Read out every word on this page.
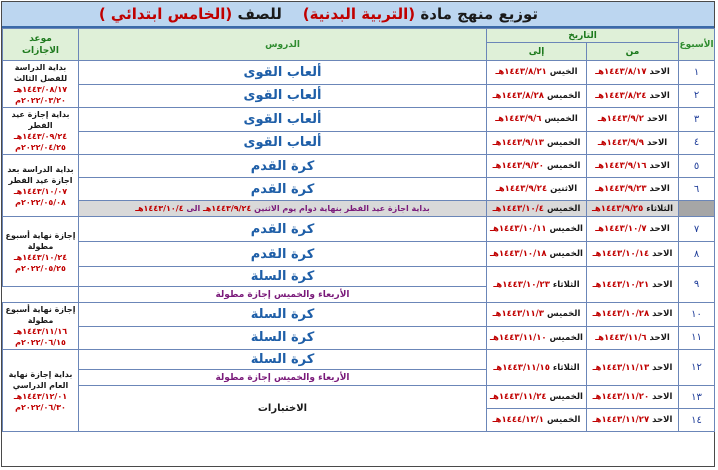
توزيع منهج مادة (التربية البدنية)    للصف (الخامس ابتدائي )
الأسبوع	التاريخ		الدروس	موعد
الاجازات

	من	إلى		
١	الاحد ١٤٤٣/٨/١٧هـ	الخيس ١٤٤٣/٨/٢١هـ	ألعاب القوى	بداية الدراسة للفصل الثالث
١٤٤٣/٠٨/١٧هـ
٢٠٢٢/٠٣/٢٠م

٢	الاحد ١٤٤٣/٨/٢٤هـ	الخميس ١٤٤٣/٨/٢٨هـ	ألعاب القوى	
٣	الاحد ١٤٤٣/٩/٢هـ	الخميس ١٤٤٣/٩/٦هـ	ألعاب القوى	بداية إجازة عيد الفطر
١٤٤٣/٠٩/٢٤هـ
٢٠٢٢/٠٤/٢٥م

٤	الاحد ١٤٤٣/٩/٩هـ	الخميس ١٤٤٣/٩/١٣هـ	ألعاب القوى	
٥	الاحد ١٤٤٣/٩/١٦هـ	الخميس ١٤٤٣/٩/٢٠هـ	كرة القدم	بداية الدراسة بعد اجازة عيد الفطر
١٤٤٣/١٠/٠٧هـ
٢٠٢٢/٠٥/٠٨م

٦	الاحد ١٤٤٣/٩/٢٣هـ	الاثنين ١٤٤٣/٩/٢٤هـ	كرة القدم	
	الثلاثاء ١٤٤٣/٩/٢٥هـ	الخميس ١٤٤٣/١٠/٤هـ	بداية اجازة عيد الفطر بنهاية دوام يوم الاثنين ١٤٤٣/٩/٢٤هـ الى ١٤٤٣/١٠/٤هـ	
٧	الاحد ١٤٤٣/١٠/٧هـ	الخميس ١٤٤٣/١٠/١١هـ	كرة القدم	إجازة نهاية أسبوع مطولة
١٤٤٣/١٠/٢٤هـ
٢٠٢٢/٠٥/٢٥م

٨	الاحد ١٤٤٣/١٠/١٤هـ	الخميس ١٤٤٣/١٠/١٨هـ	كرة القدم	
٩	الاحد ١٤٤٣/١٠/٢١هـ	الثلاثاء ١٤٤٣/١٠/٢٣هـ	كرة السلة	
			الأربعاء والخميس إجازة مطولة	
١٠	الاحد ١٤٤٣/١٠/٢٨هـ	الخميس ١٤٤٣/١١/٣هـ	كرة السلة	إجازة نهاية أسبوع مطولة
١٤٤٣/١١/١٦هـ
٢٠٢٢/٠٦/١٥م

١١	الاحد ١٤٤٣/١١/٦هـ	الخميس ١٤٤٣/١١/١٠هـ	كرة السلة	
١٢	الاحد ١٤٤٣/١١/١٣هـ	الثلاثاء ١٤٤٣/١١/١٥هـ	كرة السلة	بداية إجازة نهاية العام الدراسي
١٤٤٣/١٢/٠١هـ
٢٠٢٢/٠٦/٣٠م

			الأربعاء والخميس إجازة مطولة	
١٣	الاحد ١٤٤٣/١١/٢٠هـ	الخميس ١٤٤٣/١١/٢٤هـ	الاختبارات	
١٤	الاحد ١٤٤٣/١١/٢٧هـ	الخميس ١٤٤٤/١٢/١هـ		
